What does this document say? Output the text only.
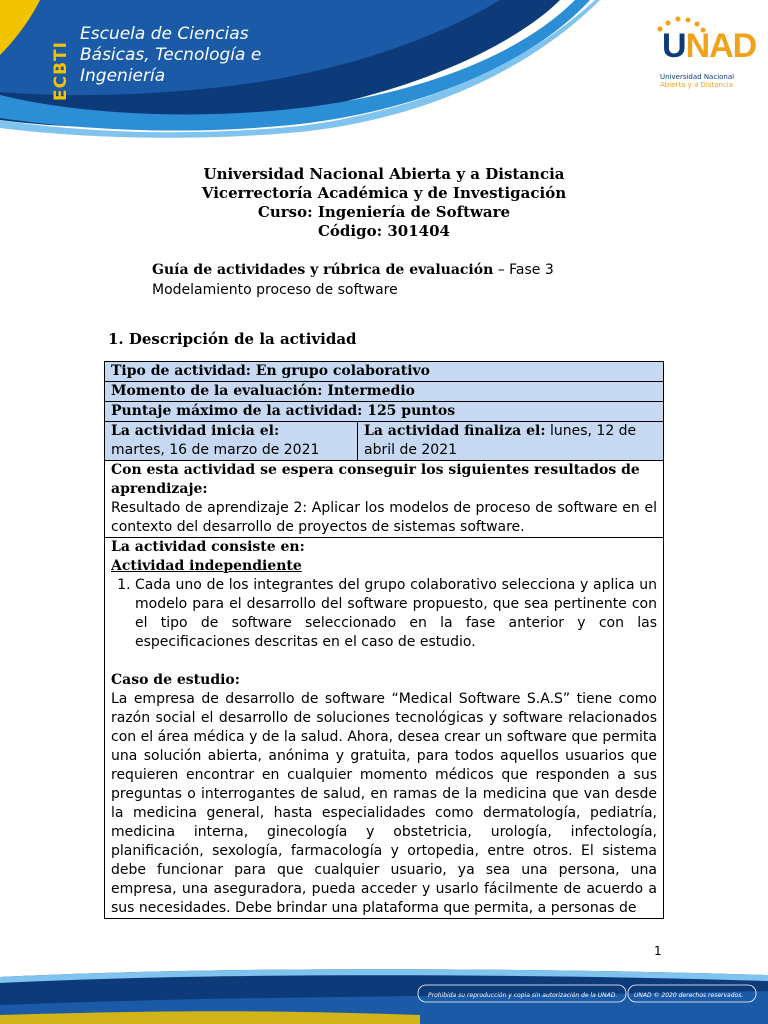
ECBTI
Escuela de Ciencias
Básicas, Tecnología e
Ingeniería
UNAD
Universidad Nacional
Abierta y a Distancia
Universidad Nacional Abierta y a Distancia
Vicerrectoría Académica y de Investigación
Curso: Ingeniería de Software
Código: 301404
Guía de actividades y rúbrica de evaluación – Fase 3
Modelamiento proceso de software
1. Descripción de la actividad
Tipo de actividad: En grupo colaborativo
Momento de la evaluación: Intermedio
Puntaje máximo de la actividad: 125 puntos

La actividad inicia el:
martes, 16 de marzo de 2021
	La actividad finaliza el: lunes, 12 de abril de 2021

Con esta actividad se espera conseguir los siguientes resultados de aprendizaje:
Resultado de aprendizaje 2: Aplicar los modelos de proceso de software en el contexto del desarrollo de proyectos de sistemas software.

La actividad consiste en:
Actividad independiente
1. Cada uno de los integrantes del grupo colaborativo selecciona y aplica un modelo para el desarrollo del software propuesto, que sea pertinente con el tipo de software seleccionado en la fase anterior y con las especificaciones descritas en el caso de estudio.
Caso de estudio:
La empresa de desarrollo de software “Medical Software S.A.S” tiene como razón social el desarrollo de soluciones tecnológicas y software relacionados con el área médica y de la salud. Ahora, desea crear un software que permita una solución abierta, anónima y gratuita, para todos aquellos usuarios que requieren encontrar en cualquier momento médicos que responden a sus preguntas o interrogantes de salud, en ramas de la medicina que van desde la medicina general, hasta especialidades como dermatología, pediatría, medicina interna, ginecología y obstetricia, urología, infectología, planificación, sexología, farmacología y ortopedia, entre otros. El sistema debe funcionar para que cualquier usuario, ya sea una persona, una empresa, una aseguradora, pueda acceder y usarlo fácilmente de acuerdo a sus necesidades. Debe brindar una plataforma que permita, a personas de
1
Prohibida su reproducción y copia sin autorización de la UNAD.	UNAD © 2020 derechos reservados.
